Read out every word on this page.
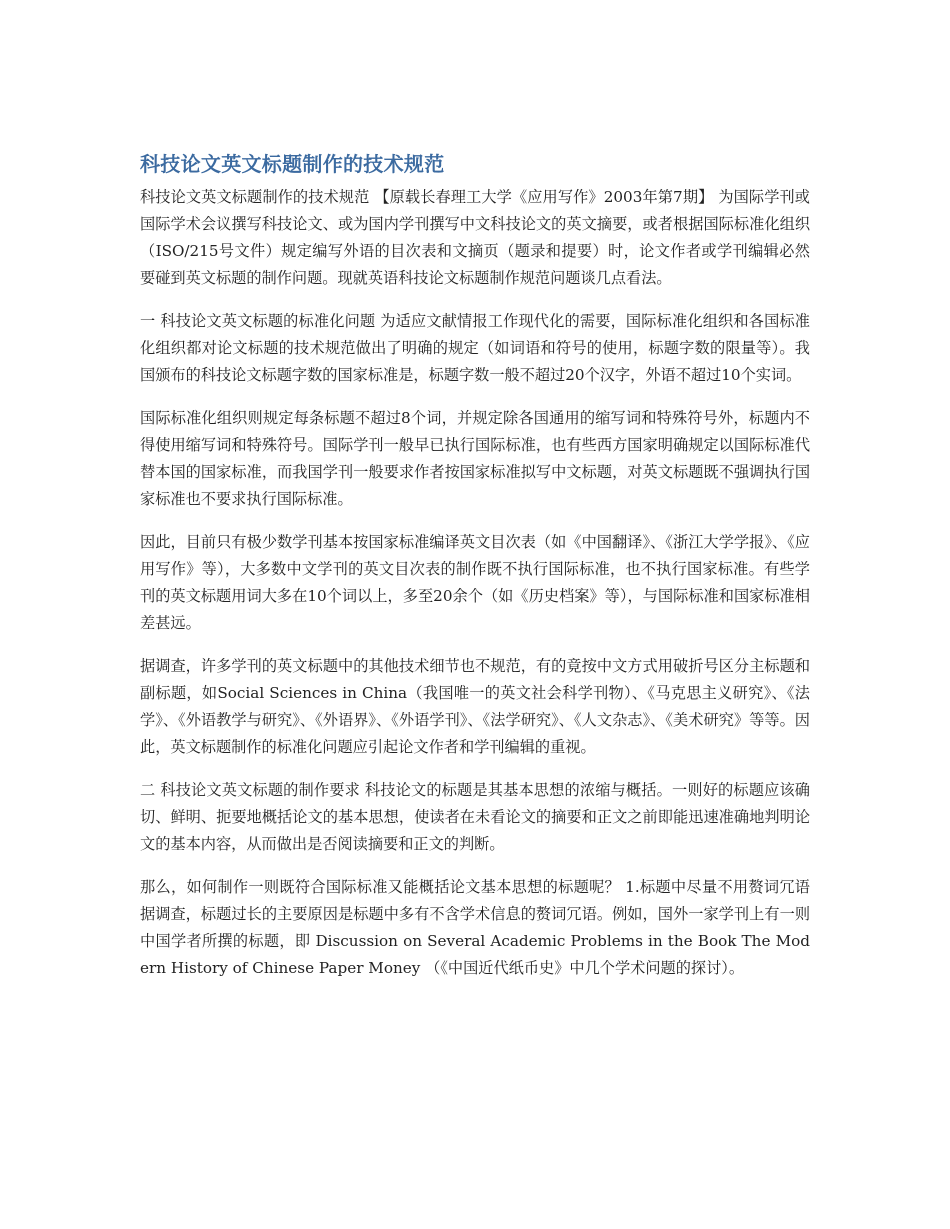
科技论文英文标题制作的技术规范

科技论文英文标题制作的技术规范 【原载长春理工大学《应用写作》2003年第7期】 为国际学刊或国际学术会议撰写科技论文、或为国内学刊撰写中文科技论文的英文摘要，或者根据国际标准化组织（ISO/215号文件）规定编写外语的目次表和文摘页（题录和提要）时，论文作者或学刊编辑必然要碰到英文标题的制作问题。现就英语科技论文标题制作规范问题谈几点看法。

一 科技论文英文标题的标准化问题 为适应文献情报工作现代化的需要，国际标准化组织和各国标准化组织都对论文标题的技术规范做出了明确的规定（如词语和符号的使用，标题字数的限量等）。我国颁布的科技论文标题字数的国家标准是，标题字数一般不超过20个汉字，外语不超过10个实词。

国际标准化组织则规定每条标题不超过8个词，并规定除各国通用的缩写词和特殊符号外，标题内不得使用缩写词和特殊符号。国际学刊一般早已执行国际标准，也有些西方国家明确规定以国际标准代替本国的国家标准，而我国学刊一般要求作者按国家标准拟写中文标题，对英文标题既不强调执行国家标准也不要求执行国际标准。

因此，目前只有极少数学刊基本按国家标准编译英文目次表（如《中国翻译》、《浙江大学学报》、《应用写作》等），大多数中文学刊的英文目次表的制作既不执行国际标准，也不执行国家标准。有些学刊的英文标题用词大多在10个词以上，多至20余个（如《历史档案》等），与国际标准和国家标准相差甚远。

据调查，许多学刊的英文标题中的其他技术细节也不规范，有的竟按中文方式用破折号区分主标题和副标题，如Social Sciences in China（我国唯一的英文社会科学刊物）、《马克思主义研究》、《法学》、《外语教学与研究》、《外语界》、《外语学刊》、《法学研究》、《人文杂志》、《美术研究》等等。因此，英文标题制作的标准化问题应引起论文作者和学刊编辑的重视。

二 科技论文英文标题的制作要求 科技论文的标题是其基本思想的浓缩与概括。一则好的标题应该确切、鲜明、扼要地概括论文的基本思想，使读者在未看论文的摘要和正文之前即能迅速准确地判明论文的基本内容，从而做出是否阅读摘要和正文的判断。

那么，如何制作一则既符合国际标准又能概括论文基本思想的标题呢？ 1.标题中尽量不用赘词冗语 据调查，标题过长的主要原因是标题中多有不含学术信息的赘词冗语。例如，国外一家学刊上有一则中国学者所撰的标题，即 Discussion on Several Academic Problems in the Book The Modern History of Chinese Paper Money （《中国近代纸币史》中几个学术问题的探讨）。
